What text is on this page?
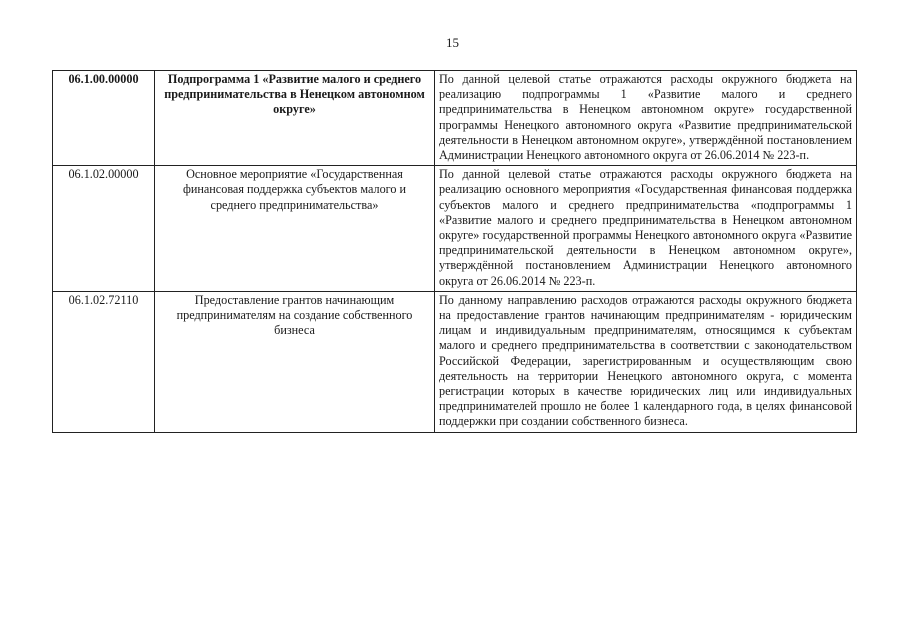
15
06.1.00.00000	Подпрограмма 1 «Развитие малого и среднего предпринимательства в Ненецком автономном округе»	По данной целевой статье отражаются расходы окружного бюджета на реализацию подпрограммы 1 «Развитие малого и среднего предпринимательства в Ненецком автономном округе» государственной программы Ненецкого автономного округа «Развитие предпринимательской деятельности в Ненецком автономном округе», утверждённой постановлением Администрации Ненецкого автономного округа от 26.06.2014 № 223-п.
06.1.02.00000	Основное мероприятие «Государственная финансовая поддержка субъектов малого и среднего предпринимательства»	По данной целевой статье отражаются расходы окружного бюджета на реализацию основного мероприятия «Государственная финансовая поддержка субъектов малого и среднего предпринимательства «подпрограммы 1 «Развитие малого и среднего предпринимательства в Ненецком автономном округе» государственной программы Ненецкого автономного округа «Развитие предпринимательской деятельности в Ненецком автономном округе», утверждённой постановлением Администрации Ненецкого автономного округа от 26.06.2014 № 223-п.
06.1.02.72110	Предоставление грантов начинающим предпринимателям на создание собственного бизнеса	По данному направлению расходов отражаются расходы окружного бюджета на предоставление грантов начинающим предпринимателям - юридическим лицам и индивидуальным предпринимателям, относящимся к субъектам малого и среднего предпринимательства в соответствии с законодательством Российской Федерации, зарегистрированным и осуществляющим свою деятельность на территории Ненецкого автономного округа, с момента регистрации которых в качестве юридических лиц или индивидуальных предпринимателей прошло не более 1 календарного года, в целях финансовой поддержки при создании собственного бизнеса.
